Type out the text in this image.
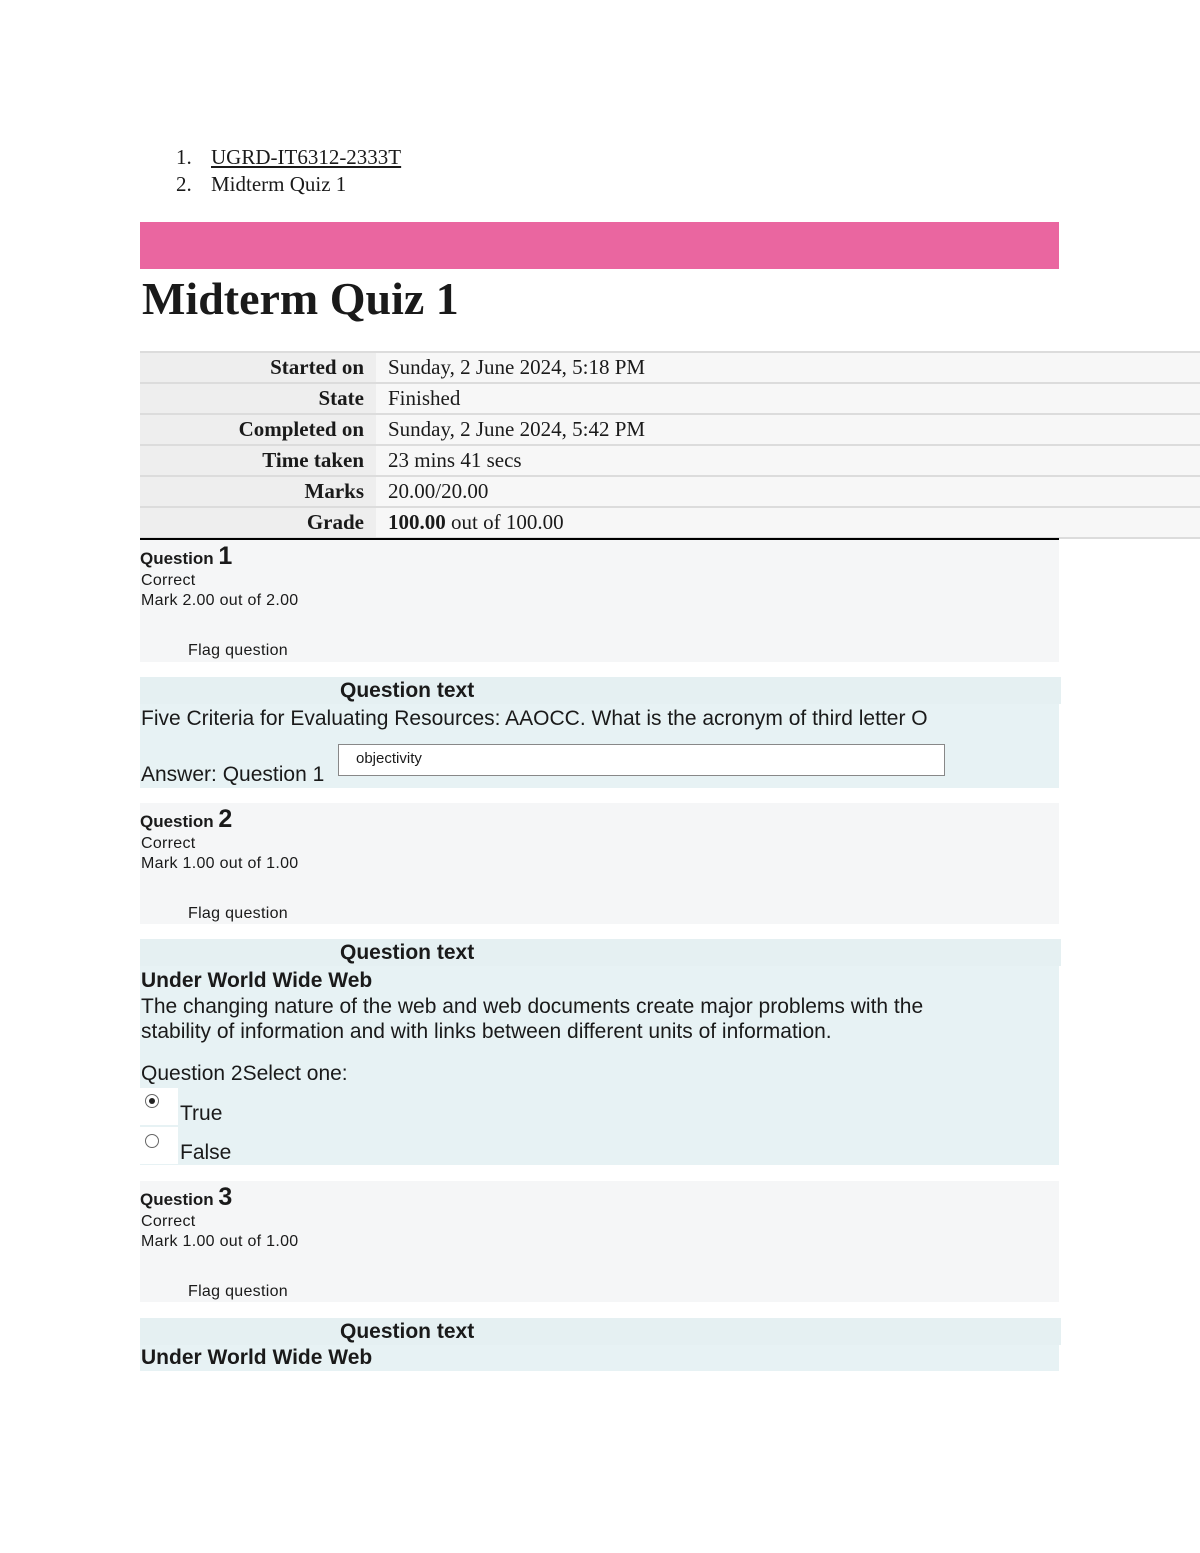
1. UGRD-IT6312-2333T
2. Midterm Quiz 1
Midterm Quiz 1
Started on	Sunday, 2 June 2024, 5:18 PM
State	Finished
Completed on	Sunday, 2 June 2024, 5:42 PM
Time taken	23 mins 41 secs
Marks	20.00/20.00
Grade	100.00 out of 100.00
Question 1
Correct
Mark 2.00 out of 2.00
Flag question
Question text
Five Criteria for Evaluating Resources: AAOCC. What is the acronym of third letter O
Answer: Question 1
objectivity
Question 2
Correct
Mark 1.00 out of 1.00
Flag question
Question text
Under World Wide Web
The changing nature of the web and web documents create major problems with the
stability of information and with links between different units of information.
Question 2Select one:
True
False
Question 3
Correct
Mark 1.00 out of 1.00
Flag question
Question text
Under World Wide Web
